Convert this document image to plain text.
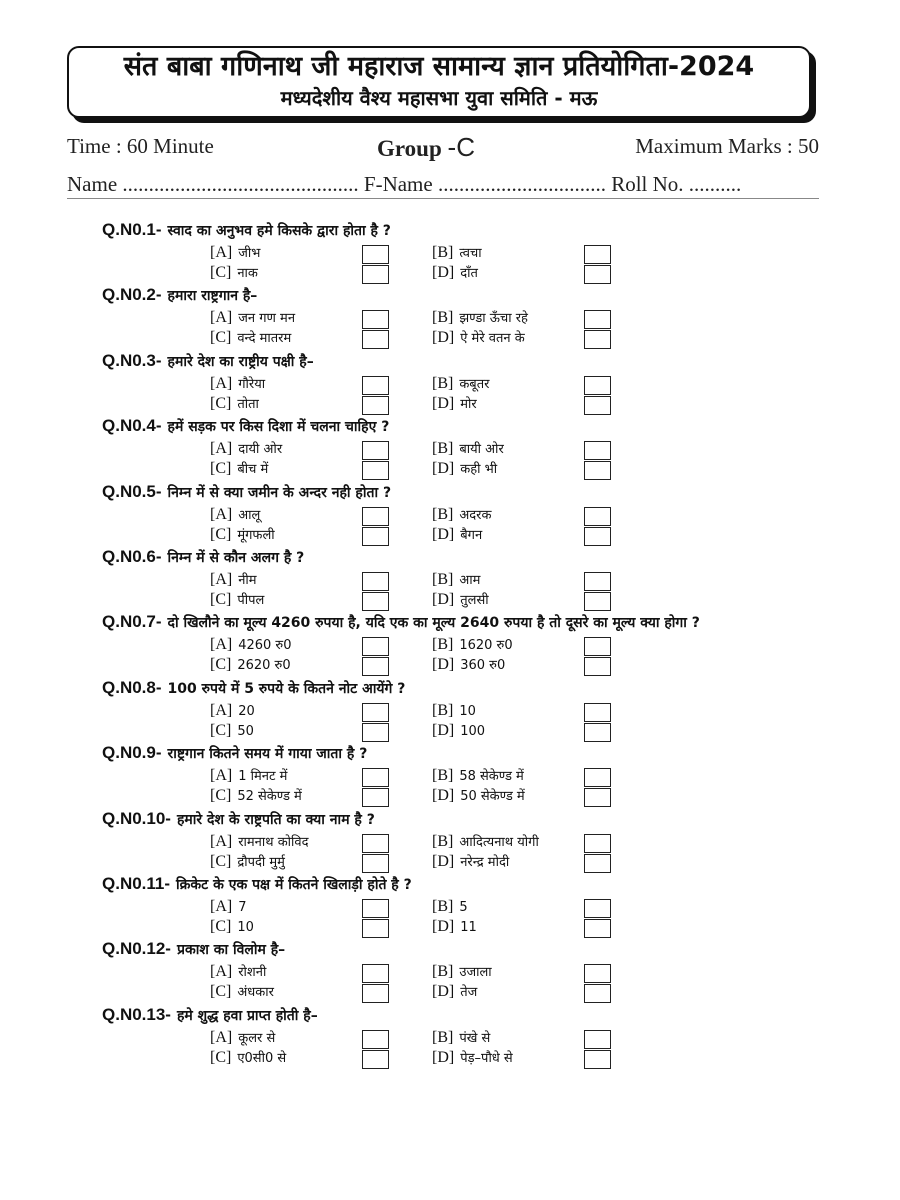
संत बाबा गणिनाथ जी महाराज सामान्य ज्ञान प्रतियोगिता-2024
मध्यदेशीय वैश्य महासभा युवा समिति - मऊ
Time : 60 Minute	Group -C	Maximum Marks : 50
Name ............................................. F-Name ................................ Roll No. ..........
Q.N0.1- स्वाद का अनुभव हमे किसके द्वारा होता है ?
[A] जीभ	[B] त्वचा
[C] नाक	[D] दाँत
Q.N0.2- हमारा राष्ट्रगान है–
[A] जन गण मन	[B] झण्डा ऊँचा रहे
[C] वन्दे मातरम	[D] ऐ मेरे वतन के
Q.N0.3- हमारे देश का राष्ट्रीय पक्षी है–
[A] गौरेया	[B] कबूतर
[C] तोता	[D] मोर
Q.N0.4- हमें सड़क पर किस दिशा में चलना चाहिए ?
[A] दायी ओर	[B] बायी ओर
[C] बीच में	[D] कही भी
Q.N0.5- निम्न में से क्या जमीन के अन्दर नही होता ?
[A] आलू	[B] अदरक
[C] मूंगफली	[D] बैगन
Q.N0.6- निम्न में से कौन अलग है ?
[A] नीम	[B] आम
[C] पीपल	[D] तुलसी
Q.N0.7- दो खिलौने का मूल्य 4260 रुपया है, यदि एक का मूल्य 2640 रुपया है तो दूसरे का मूल्य क्या होगा ?
[A] 4260 रु0	[B] 1620 रु0
[C] 2620 रु0	[D] 360 रु0
Q.N0.8- 100 रुपये में 5 रुपये के कितने नोट आयेंगे ?
[A] 20	[B] 10
[C] 50	[D] 100
Q.N0.9- राष्ट्रगान कितने समय में गाया जाता है ?
[A] 1 मिनट में	[B] 58 सेकेण्ड में
[C] 52 सेकेण्ड में	[D] 50 सेकेण्ड में
Q.N0.10- हमारे देश के राष्ट्रपति का क्या नाम है ?
[A] रामनाथ कोविद	[B] आदित्यनाथ योगी
[C] द्रौपदी मुर्मु	[D] नरेन्द्र मोदी
Q.N0.11- क्रिकेट के एक पक्ष में कितने खिलाड़ी होते है ?
[A] 7	[B] 5
[C] 10	[D] 11
Q.N0.12- प्रकाश का विलोम है–
[A] रोशनी	[B] उजाला
[C] अंधकार	[D] तेज
Q.N0.13- हमे शुद्ध हवा प्राप्त होती है–
[A] कूलर से	[B] पंखे से
[C] ए0सी0 से	[D] पेड़–पौधे से
